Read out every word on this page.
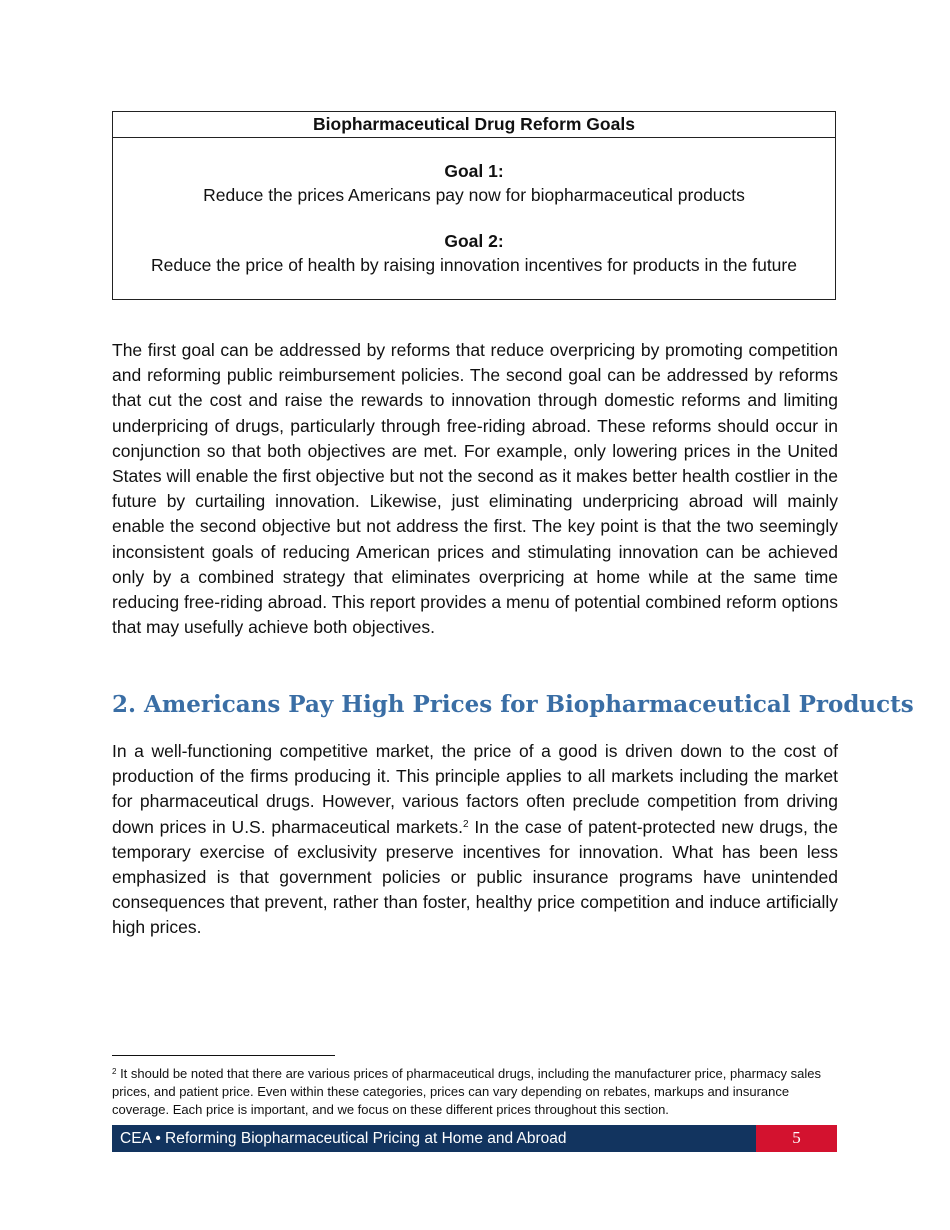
Biopharmaceutical Drug Reform Goals
Goal 1:
Reduce the prices Americans pay now for biopharmaceutical products
Goal 2:
Reduce the price of health by raising innovation incentives for products in the future

The first goal can be addressed by reforms that reduce overpricing by promoting competition and reforming public reimbursement policies. The second goal can be addressed by reforms that cut the cost and raise the rewards to innovation through domestic reforms and limiting underpricing of drugs, particularly through free-riding abroad. These reforms should occur in conjunction so that both objectives are met. For example, only lowering prices in the United States will enable the first objective but not the second as it makes better health costlier in the future by curtailing innovation. Likewise, just eliminating underpricing abroad will mainly enable the second objective but not address the first. The key point is that the two seemingly inconsistent goals of reducing American prices and stimulating innovation can be achieved only by a combined strategy that eliminates overpricing at home while at the same time reducing free-riding abroad. This report provides a menu of potential combined reform options that may usefully achieve both objectives.

2. Americans Pay High Prices for Biopharmaceutical Products

In a well-functioning competitive market, the price of a good is driven down to the cost of production of the firms producing it. This principle applies to all markets including the market for pharmaceutical drugs. However, various factors often preclude competition from driving down prices in U.S. pharmaceutical markets.$^2$ In the case of patent-protected new drugs, the temporary exercise of exclusivity preserve incentives for innovation. What has been less emphasized is that government policies or public insurance programs have unintended consequences that prevent, rather than foster, healthy price competition and induce artificially high prices.

$^2$ It should be noted that there are various prices of pharmaceutical drugs, including the manufacturer price, pharmacy sales prices, and patient price. Even within these categories, prices can vary depending on rebates, markups and insurance coverage. Each price is important, and we focus on these different prices throughout this section.

CEA • Reforming Biopharmaceutical Pricing at Home and Abroad	5
